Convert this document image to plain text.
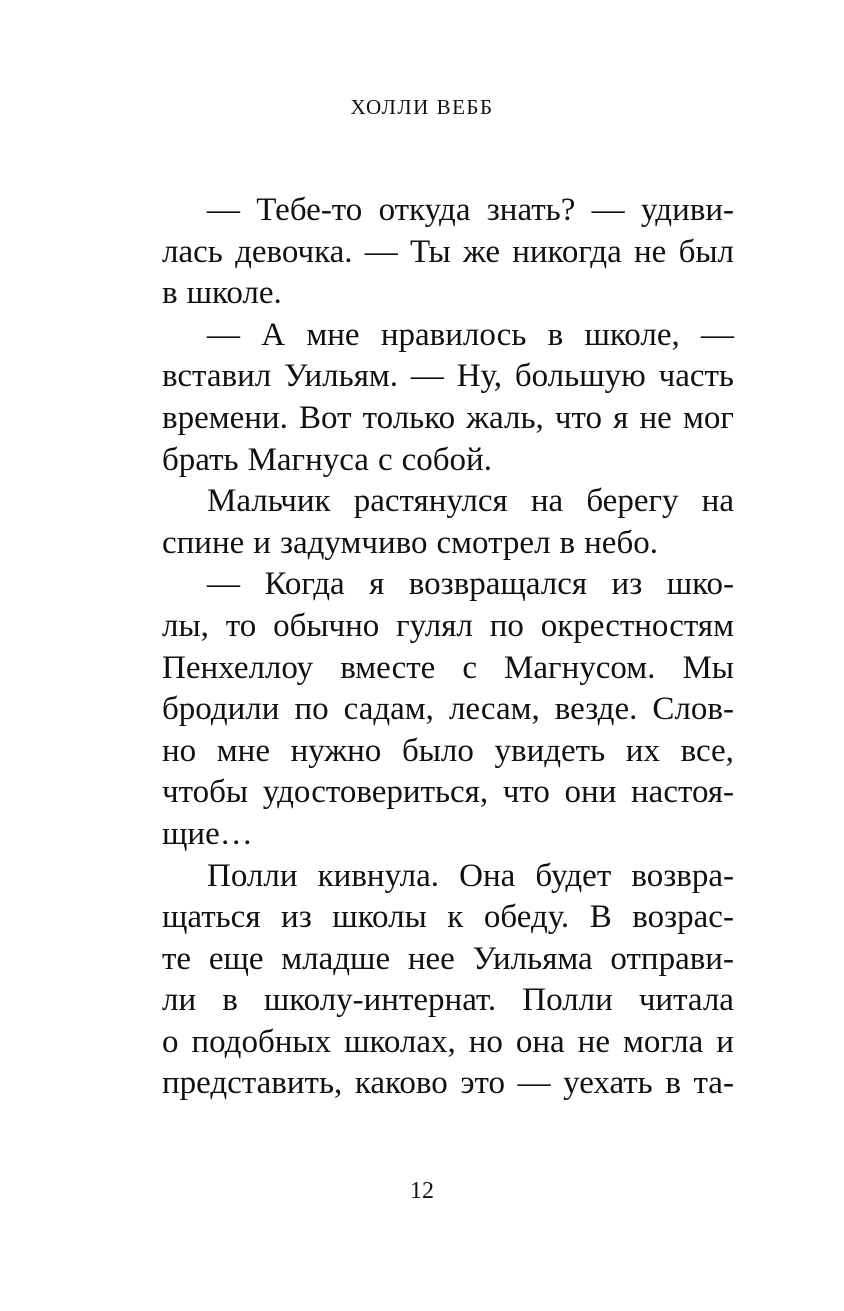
ХОЛЛИ ВЕББ
— Тебе-то откуда знать? — удиви-
лась девочка. — Ты же никогда не был
в школе.
— А мне нравилось в школе, —
вставил Уильям. — Ну, большую часть
времени. Вот только жаль, что я не мог
брать Магнуса с собой.
Мальчик растянулся на берегу на
спине и задумчиво смотрел в небо.
— Когда я возвращался из шко-
лы, то обычно гулял по окрестностям
Пенхеллоу вместе с Магнусом. Мы
бродили по садам, лесам, везде. Слов-
но мне нужно было увидеть их все,
чтобы удостовериться, что они настоя-
щие…
Полли кивнула. Она будет возвра-
щаться из школы к обеду. В возрас-
те еще младше нее Уильяма отправи-
ли в школу-интернат. Полли читала
о подобных школах, но она не могла и
представить, каково это — уехать в та-
12
